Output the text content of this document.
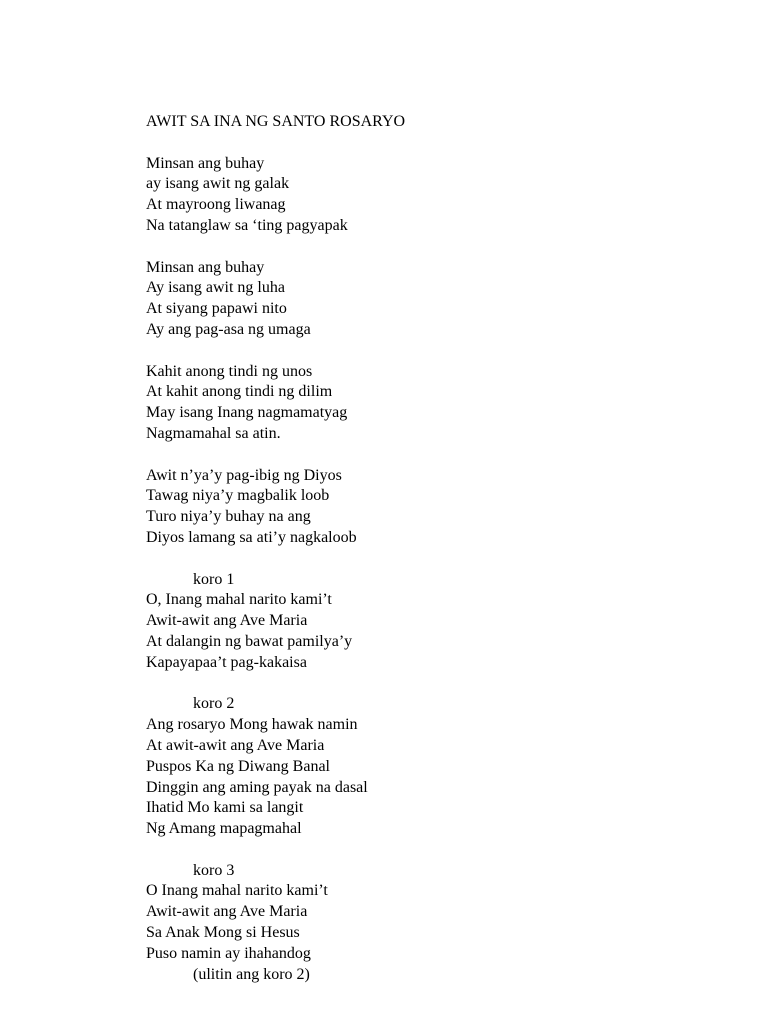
AWIT SA INA NG SANTO ROSARYO
Minsan ang buhay
ay isang awit ng galak
At mayroong liwanag
Na tatanglaw sa ‘ting pagyapak
Minsan ang buhay
Ay isang awit ng luha
At siyang papawi nito
Ay ang pag-asa ng umaga
Kahit anong tindi ng unos
At kahit anong tindi ng dilim
May isang Inang nagmamatyag
Nagmamahal sa atin.
Awit n’ya’y pag-ibig ng Diyos
Tawag niya’y magbalik loob
Turo niya’y buhay na ang
Diyos lamang sa ati’y nagkaloob
koro 1
O, Inang mahal narito kami’t
Awit-awit ang Ave Maria
At dalangin ng bawat pamilya’y
Kapayapaa’t pag-kakaisa
koro 2
Ang rosaryo Mong hawak namin
At awit-awit ang Ave Maria
Puspos Ka ng Diwang Banal
Dinggin ang aming payak na dasal
Ihatid Mo kami sa langit
Ng Amang mapagmahal
koro 3
O Inang mahal narito kami’t
Awit-awit ang Ave Maria
Sa Anak Mong si Hesus
Puso namin ay ihahandog
(ulitin ang koro 2)
